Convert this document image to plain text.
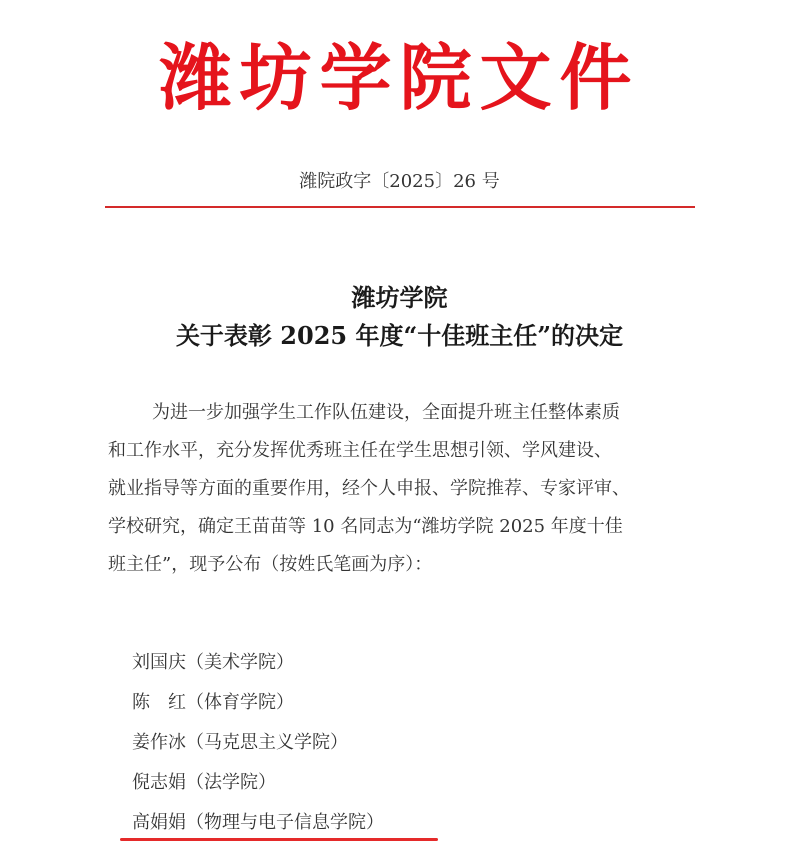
潍坊学院文件
潍院政字〔2025〕26 号
潍坊学院
关于表彰 2025 年度“十佳班主任”的决定
为进一步加强学生工作队伍建设，全面提升班主任整体素质
和工作水平，充分发挥优秀班主任在学生思想引领、学风建设、
就业指导等方面的重要作用，经个人申报、学院推荐、专家评审、
学校研究，确定王苗苗等 10 名同志为“潍坊学院 2025 年度十佳
班主任”，现予公布（按姓氏笔画为序）：
刘国庆（美术学院）
陈　红（体育学院）
姜作冰（马克思主义学院）
倪志娟（法学院）
高娟娟（物理与电子信息学院）
